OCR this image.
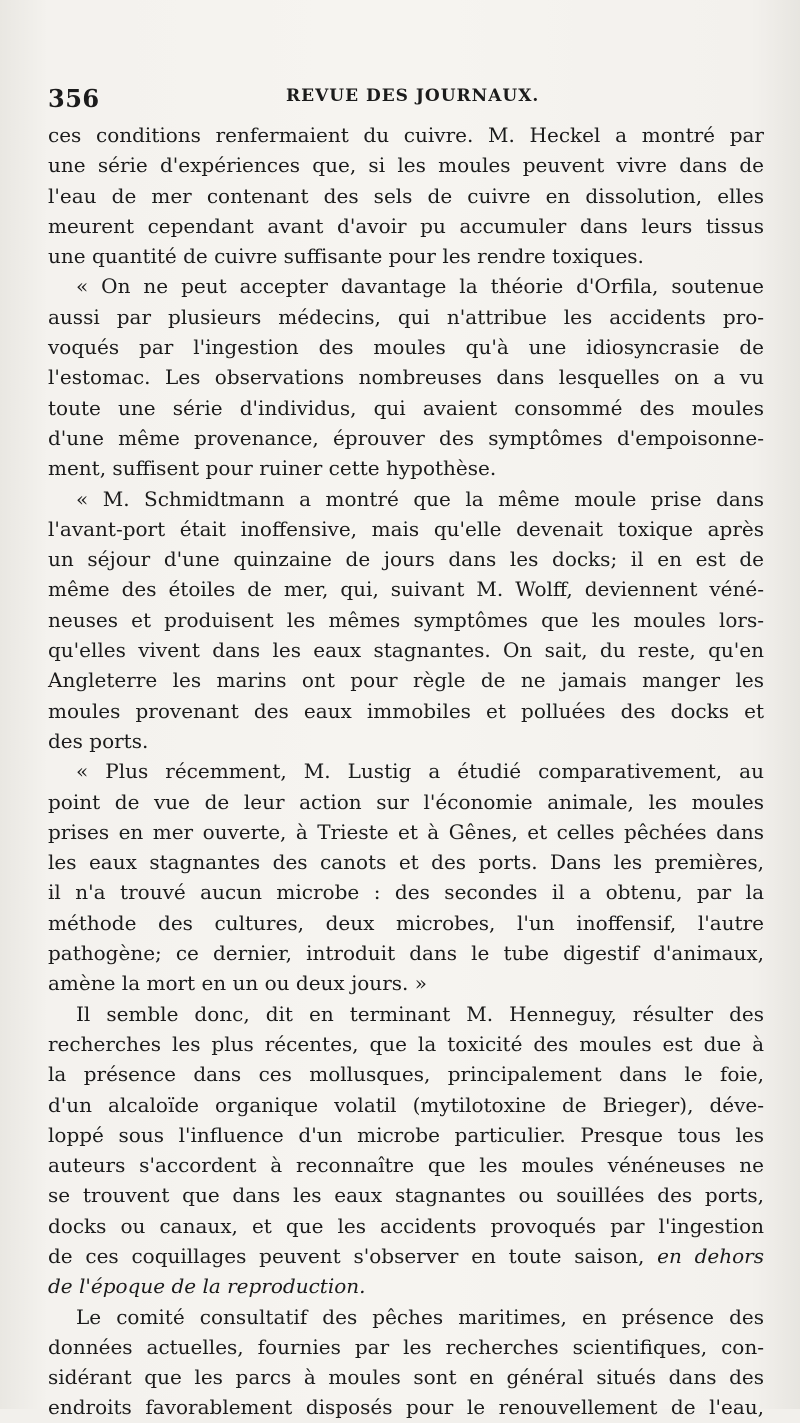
356	REVUE DES JOURNAUX.
ces conditions renfermaient du cuivre. M. Heckel a montré par
une série d'expériences que, si les moules peuvent vivre dans de
l'eau de mer contenant des sels de cuivre en dissolution, elles
meurent cependant avant d'avoir pu accumuler dans leurs tissus
une quantité de cuivre suffisante pour les rendre toxiques.
« On ne peut accepter davantage la théorie d'Orfila, soutenue
aussi par plusieurs médecins, qui n'attribue les accidents pro-
voqués par l'ingestion des moules qu'à une idiosyncrasie de
l'estomac. Les observations nombreuses dans lesquelles on a vu
toute une série d'individus, qui avaient consommé des moules
d'une même provenance, éprouver des symptômes d'empoisonne-
ment, suffisent pour ruiner cette hypothèse.
« M. Schmidtmann a montré que la même moule prise dans
l'avant-port était inoffensive, mais qu'elle devenait toxique après
un séjour d'une quinzaine de jours dans les docks; il en est de
même des étoiles de mer, qui, suivant M. Wolff, deviennent véné-
neuses et produisent les mêmes symptômes que les moules lors-
qu'elles vivent dans les eaux stagnantes. On sait, du reste, qu'en
Angleterre les marins ont pour règle de ne jamais manger les
moules provenant des eaux immobiles et polluées des docks et
des ports.
« Plus récemment, M. Lustig a étudié comparativement, au
point de vue de leur action sur l'économie animale, les moules
prises en mer ouverte, à Trieste et à Gênes, et celles pêchées dans
les eaux stagnantes des canots et des ports. Dans les premières,
il n'a trouvé aucun microbe : des secondes il a obtenu, par la
méthode des cultures, deux microbes, l'un inoffensif, l'autre
pathogène; ce dernier, introduit dans le tube digestif d'animaux,
amène la mort en un ou deux jours. »
Il semble donc, dit en terminant M. Henneguy, résulter des
recherches les plus récentes, que la toxicité des moules est due à
la présence dans ces mollusques, principalement dans le foie,
d'un alcaloïde organique volatil (mytilotoxine de Brieger), déve-
loppé sous l'influence d'un microbe particulier. Presque tous les
auteurs s'accordent à reconnaître que les moules vénéneuses ne
se trouvent que dans les eaux stagnantes ou souillées des ports,
docks ou canaux, et que les accidents provoqués par l'ingestion
de ces coquillages peuvent s'observer en toute saison, en dehors
de l'époque de la reproduction.
Le comité consultatif des pêches maritimes, en présence des
données actuelles, fournies par les recherches scientifiques, con-
sidérant que les parcs à moules sont en général situés dans des
endroits favorablement disposés pour le renouvellement de l'eau,
